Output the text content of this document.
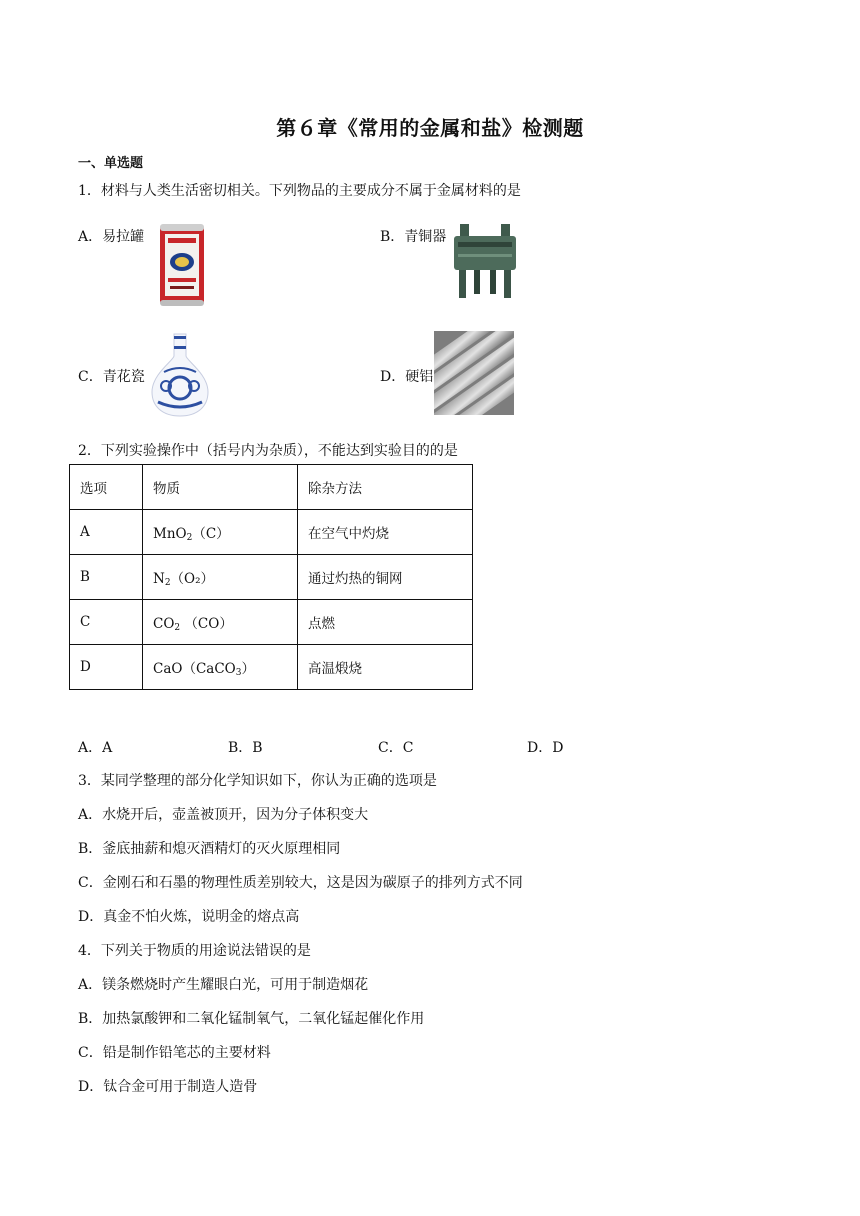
第６章《常用的金属和盐》检测题
一、单选题
1．材料与人类生活密切相关。下列物品的主要成分不属于金属材料的是
A．易拉罐	B．青铜器
C．青花瓷	D．硬铝
2．下列实验操作中（括号内为杂质），不能达到实验目的的是
选项	物质	除杂方法
A	MnO$_2$（C）	在空气中灼烧
B	$N_2(O_2)$	通过灼热的铜网
C	$CO_2$ （CO）	点燃
D	CaO（CaCO$_3$）	高温煅烧
A．A	B．B	C．C	D．D
3．某同学整理的部分化学知识如下，你认为正确的选项是
A．水烧开后，壶盖被顶开，因为分子体积变大
B．釜底抽薪和熄灭酒精灯的灭火原理相同
C．金刚石和石墨的物理性质差别较大，这是因为碳原子的排列方式不同
D．真金不怕火炼，说明金的熔点高
4．下列关于物质的用途说法错误的是
A．镁条燃烧时产生耀眼白光，可用于制造烟花
B．加热氯酸钾和二氧化锰制氧气，二氧化锰起催化作用
C．铅是制作铅笔芯的主要材料
D．钛合金可用于制造人造骨
